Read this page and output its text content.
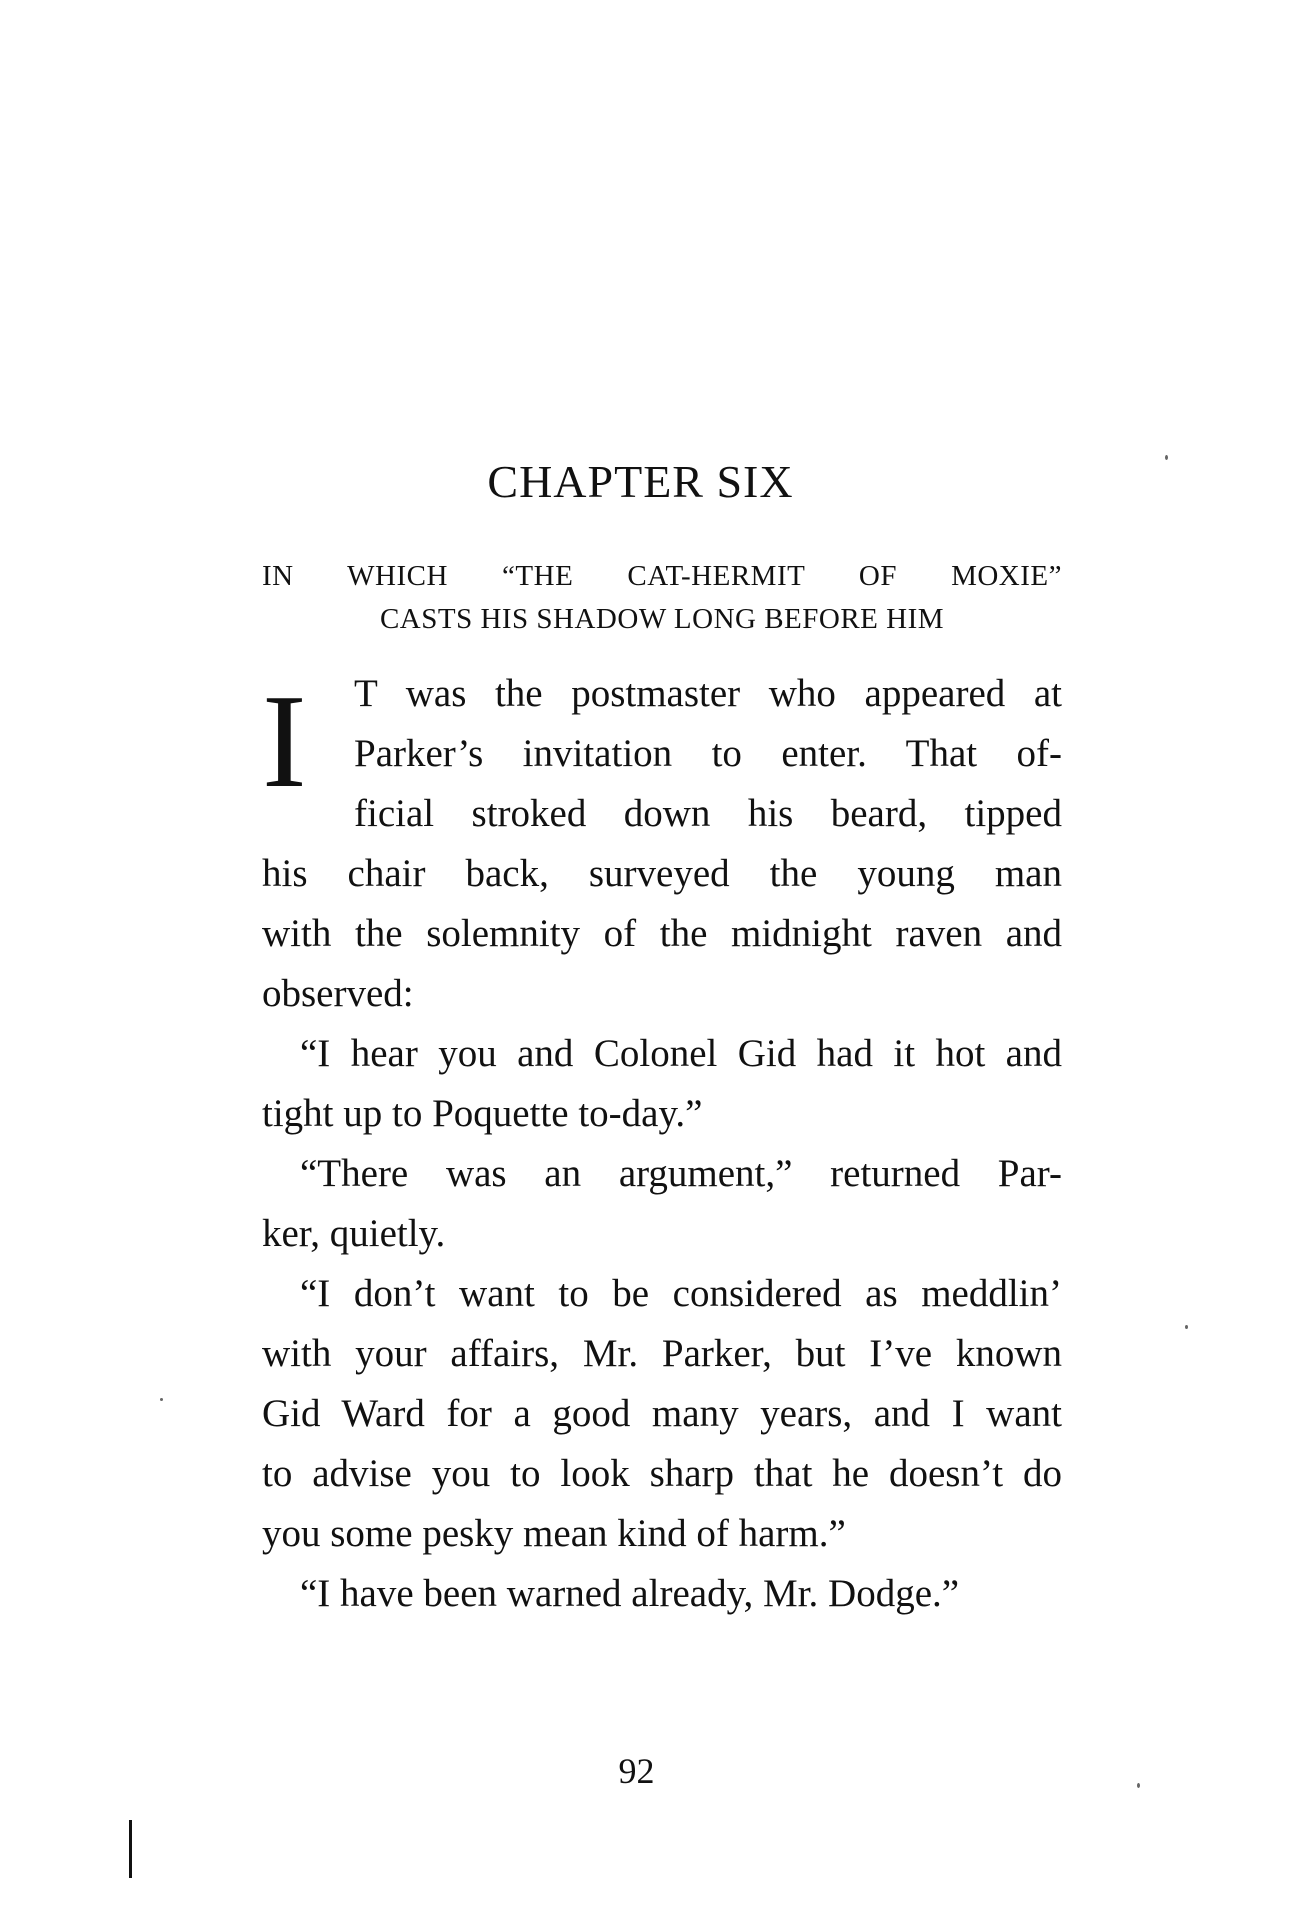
CHAPTER SIX
IN WHICH “THE CAT-HERMIT OF MOXIE”
CASTS HIS SHADOW LONG BEFORE HIM
I	T was the postmaster who appeared at
Parker’s invitation to enter. That of-
ficial stroked down his beard, tipped
his chair back, surveyed the young man
with the solemnity of the midnight raven and
observed:
“I hear you and Colonel Gid had it hot and
tight up to Poquette to-day.”
“There was an argument,” returned Par-
ker, quietly.
“I don’t want to be considered as meddlin’
with your affairs, Mr. Parker, but I’ve known
Gid Ward for a good many years, and I want
to advise you to look sharp that he doesn’t do
you some pesky mean kind of harm.”
“I have been warned already, Mr. Dodge.”
92
